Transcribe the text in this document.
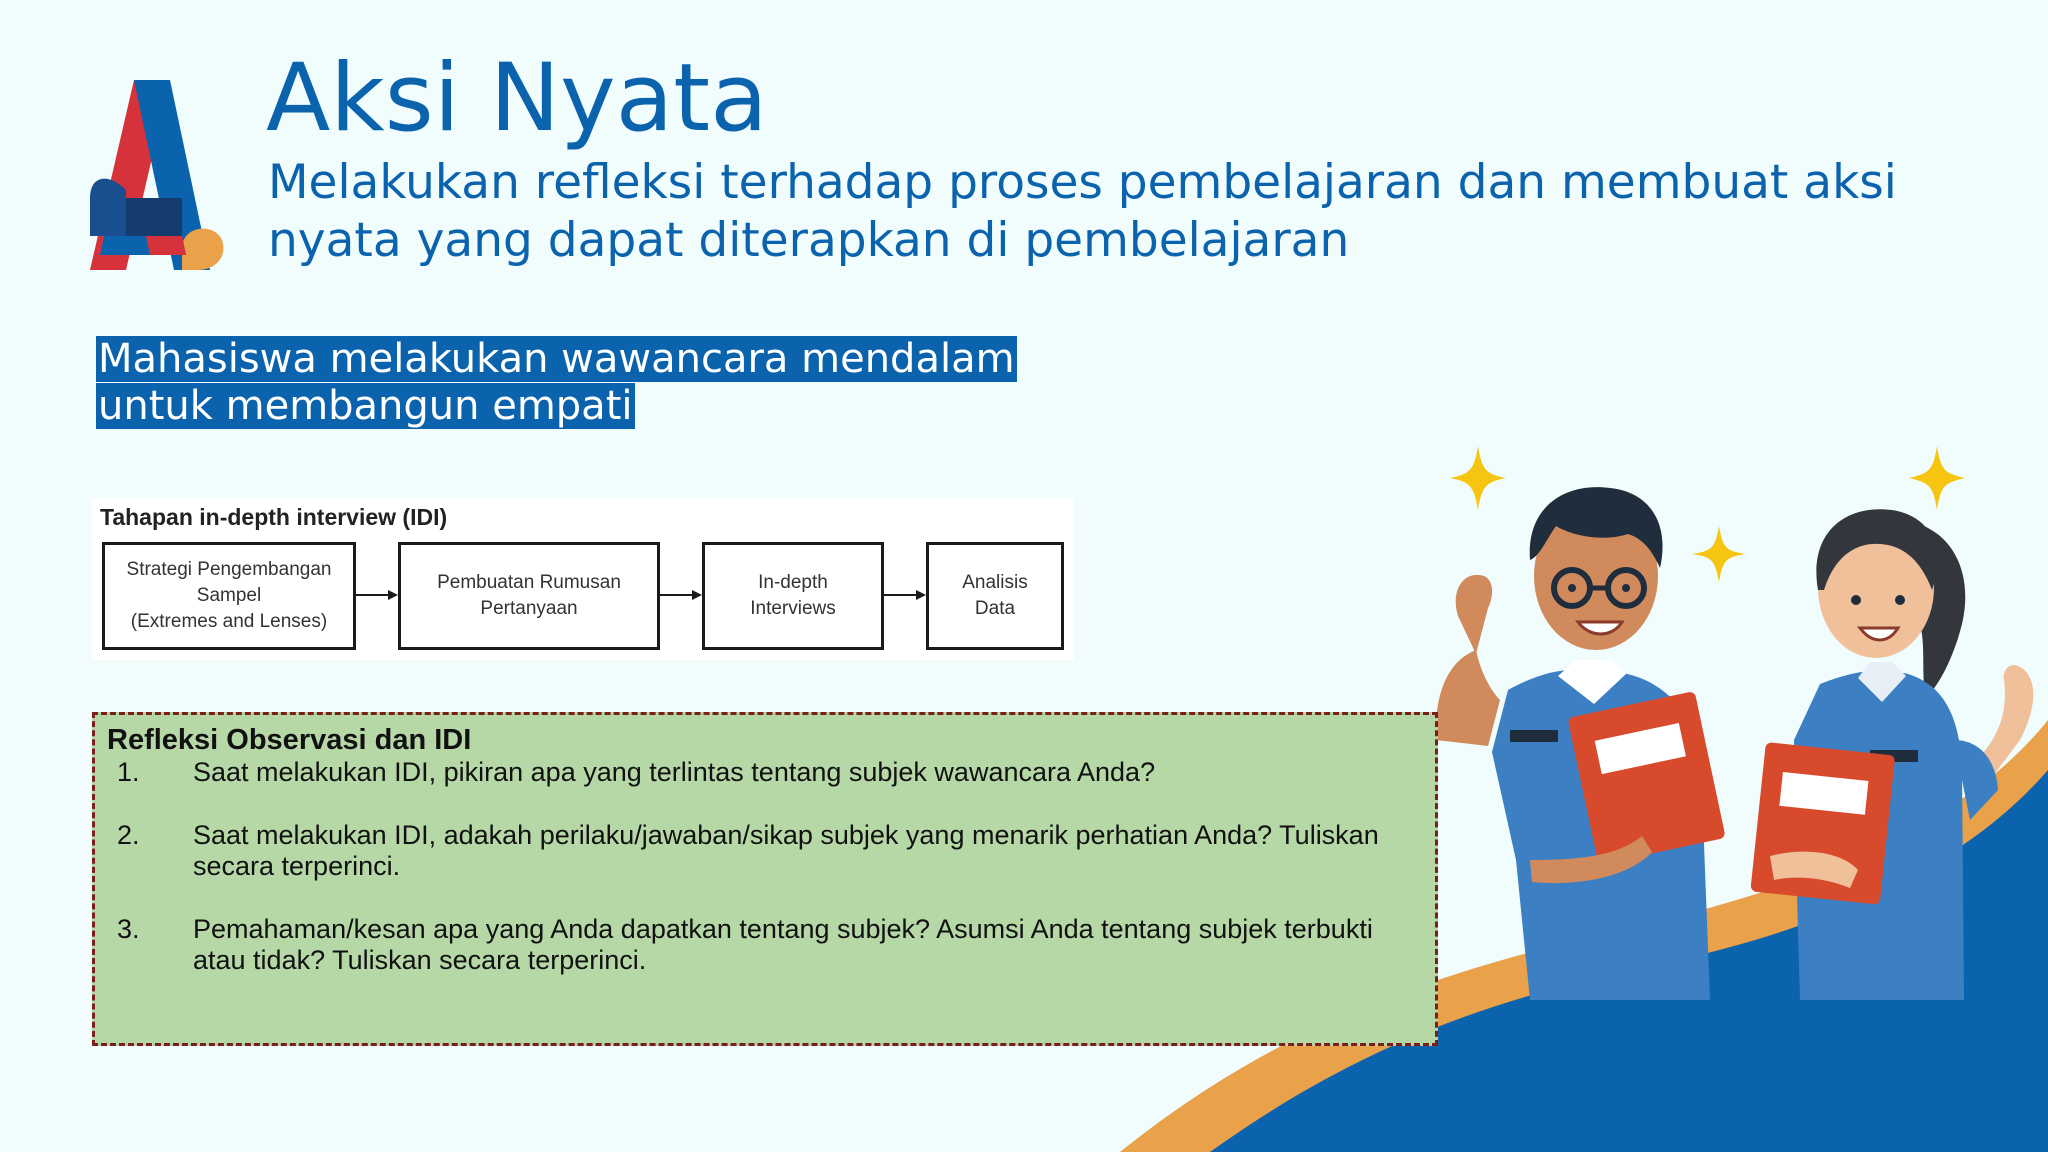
Aksi Nyata

Melakukan refleksi terhadap proses pembelajaran dan membuat aksi nyata yang dapat diterapkan di pembelajaran

Mahasiswa melakukan wawancara mendalam
untuk membangun empati

Tahapan in-depth interview (IDI)

Strategi Pengembangan
Sampel
(Extremes and Lenses)
Pembuatan Rumusan
Pertanyaan
In-depth
Interviews
Analisis
Data

Refleksi Observasi dan IDI

1.	Saat melakukan IDI, pikiran apa yang terlintas tentang subjek wawancara Anda?
2.	Saat melakukan IDI, adakah perilaku/jawaban/sikap subjek yang menarik perhatian Anda? Tuliskan secara terperinci.
3.	Pemahaman/kesan apa yang Anda dapatkan tentang subjek? Asumsi Anda tentang subjek terbukti atau tidak? Tuliskan secara terperinci.
